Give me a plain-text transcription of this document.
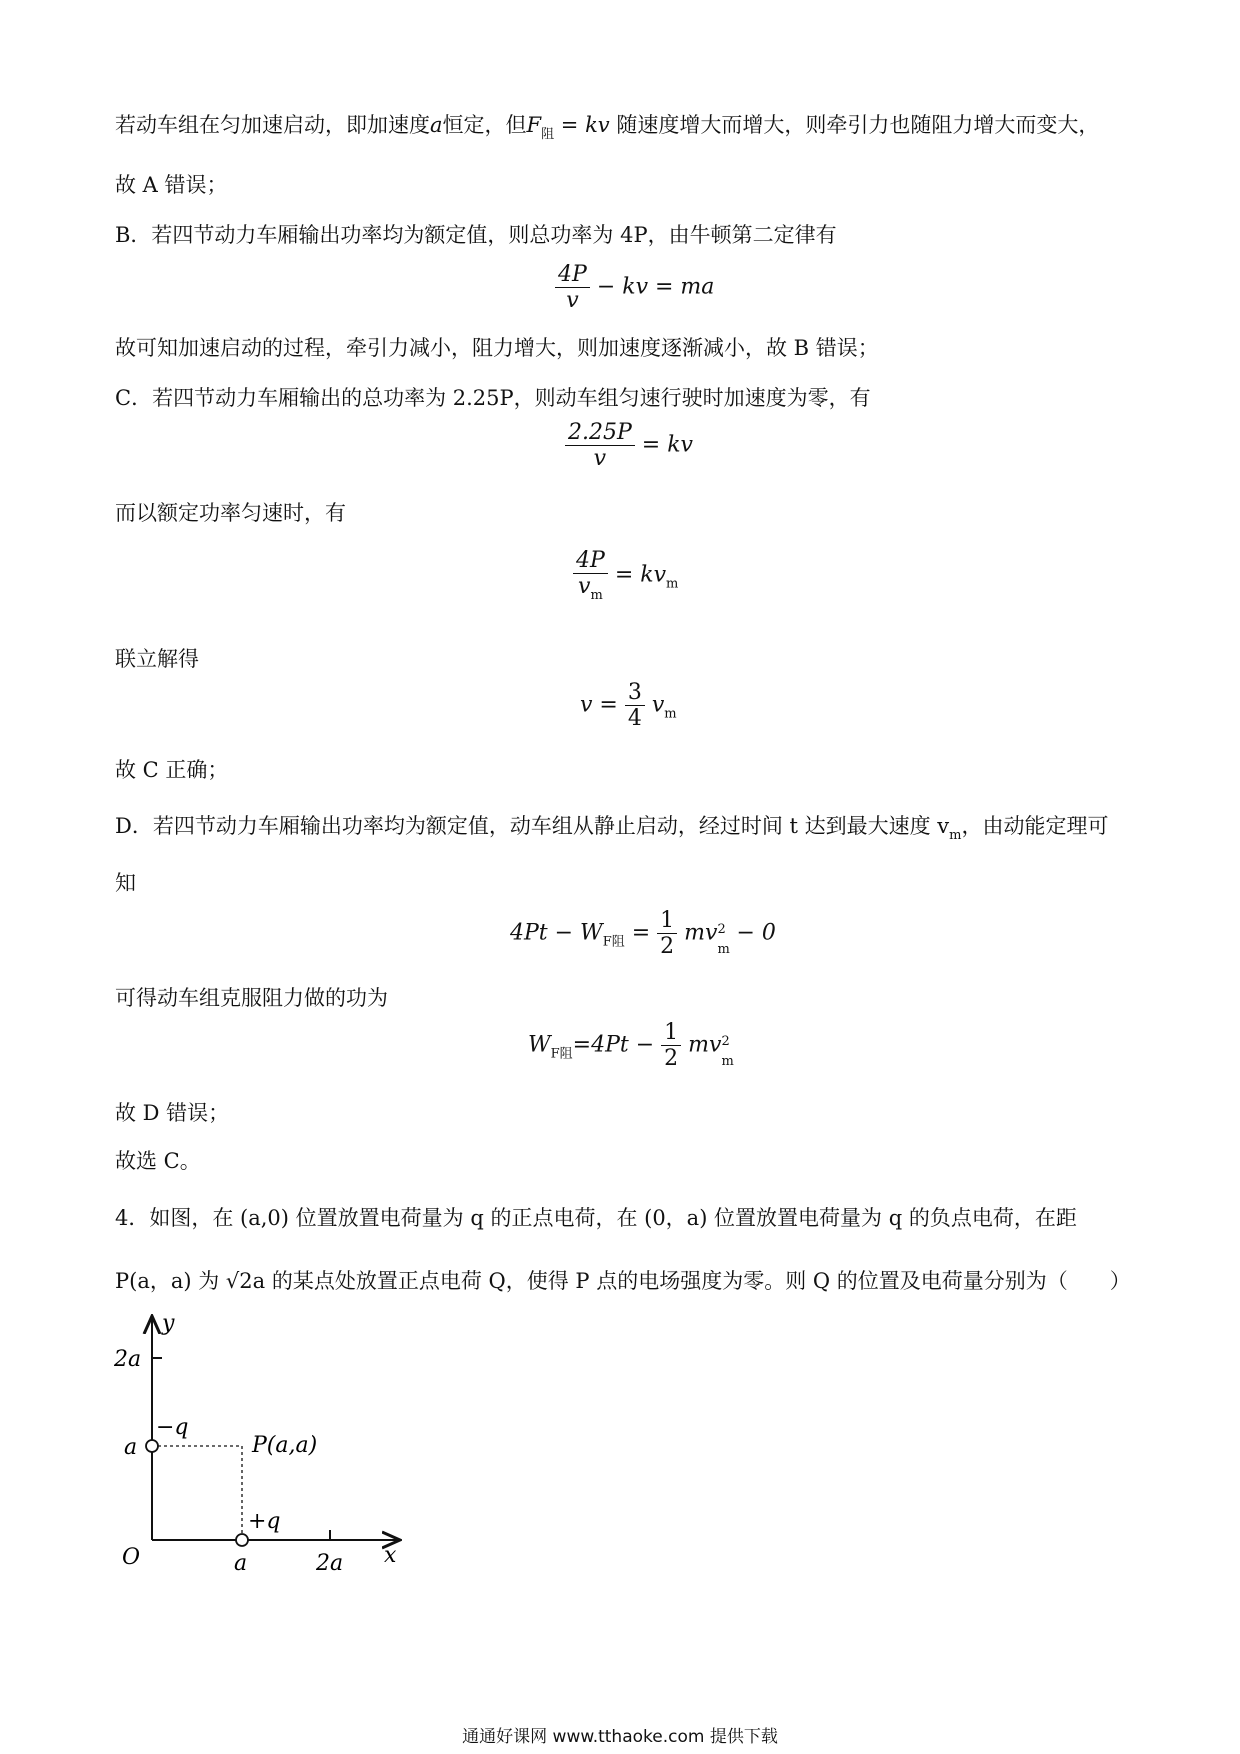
若动车组在匀加速启动，即加速度a恒定，但$F_阻$ = kv 随速度增大而增大，则牵引力也随阻力增大而变大，
故 A 错误；
B．若四节动力车厢输出功率均为额定值，则总功率为 4P，由牛顿第二定律有
$\frac{4P}{v}$ − kv = ma
故可知加速启动的过程，牵引力减小，阻力增大，则加速度逐渐减小，故 B 错误；
C．若四节动力车厢输出的总功率为 2.25P，则动车组匀速行驶时加速度为零，有
$\frac{2.25P}{v}$ = kv
而以额定功率匀速时，有
$\frac{4P}{v_m} = kv_m$
联立解得
$v = \frac{3}{4} v_m$
故 C 正确；
D．若四节动力车厢输出功率均为额定值，动车组从静止启动，经过时间 t 达到最大速度 $v_m$，由动能定理可
知
$4Pt - W_{F阻} = \frac{1}{2}$ mv 2
m
− 0
可得动车组克服阻力做的功为
$W_{F阻}=4Pt - \frac{1}{2}$ mv 2
m
故 D 错误；
故选 C。
4．如图，在 (a,0) 位置放置电荷量为 q 的正点电荷，在 (0，a) 位置放置电荷量为 q 的负点电荷，在距
P(a，a) 为 √2a 的某点处放置正点电荷 Q，使得 P 点的电场强度为零。则 Q 的位置及电荷量分别为（　　）
y
x
O
2a
a
a	2a
−q
+q
P(a,a)
通通好课网 www.tthaoke.com 提供下载
